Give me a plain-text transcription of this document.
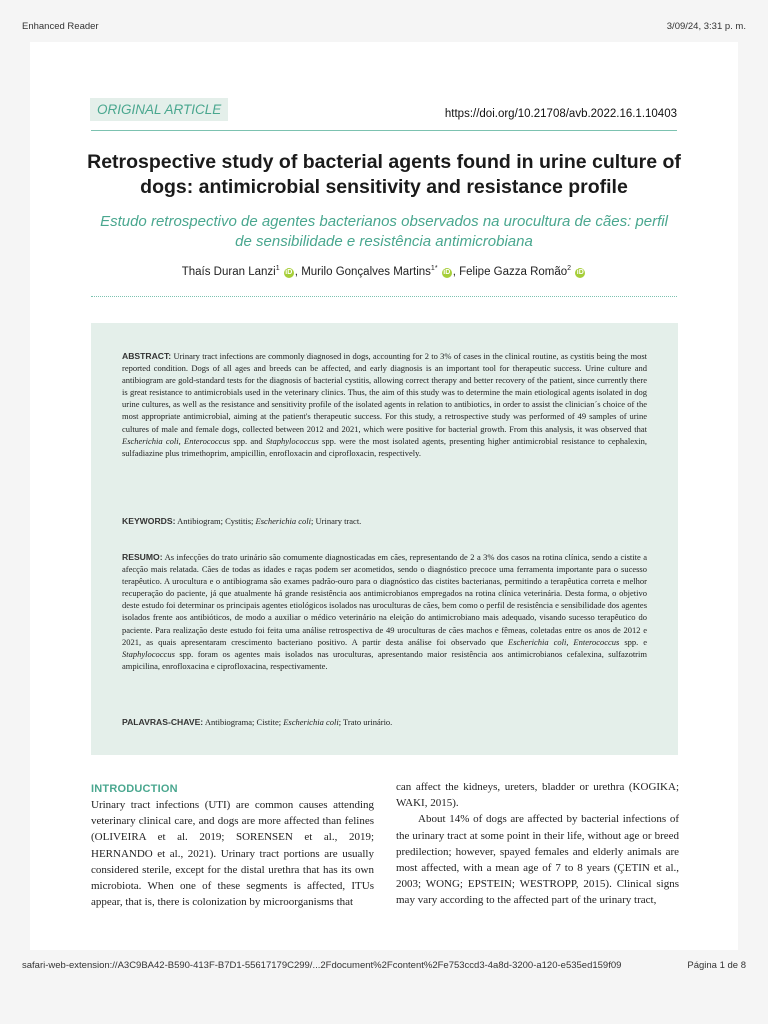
Enhanced Reader	3/09/24, 3:31 p. m.
ORIGINAL ARTICLE	https://doi.org/10.21708/avb.2022.16.1.10403
Retrospective study of bacterial agents found in urine culture of dogs: antimicrobial sensitivity and resistance profile
Estudo retrospectivo de agentes bacterianos observados na urocultura de cães: perfil de sensibilidade e resistência antimicrobiana
Thaís Duran Lanzi$^1$ iD , Murilo Gonçalves Martins$^{1*}$ iD , Felipe Gazza Romão$^2$ iD
ABSTRACT: Urinary tract infections are commonly diagnosed in dogs, accounting for 2 to 3% of cases in the clinical routine, as cystitis being the most reported condition. Dogs of all ages and breeds can be affected, and early diagnosis is an important tool for therapeutic success. Urine culture and antibiogram are gold-standard tests for the diagnosis of bacterial cystitis, allowing correct therapy and better recovery of the patient, since currently there is great resistance to antimicrobials used in the veterinary clinics. Thus, the aim of this study was to determine the main etiological agents isolated in dog urine cultures, as well as the resistance and sensitivity profile of the isolated agents in relation to antibiotics, in order to assist the clinician´s choice of the most appropriate antimicrobial, aiming at the patient's therapeutic success. For this study, a retrospective study was performed of 49 samples of urine cultures of male and female dogs, collected between 2012 and 2021, which were positive for bacterial growth. From this analysis, it was observed that Escherichia coli, Enterococcus spp. and Staphylococcus spp. were the most isolated agents, presenting higher antimicrobial resistance to cephalexin, sulfadiazine plus trimethoprim, ampicillin, enrofloxacin and ciprofloxacin, respectively.
KEYWORDS: Antibiogram; Cystitis; Escherichia coli; Urinary tract.
RESUMO: As infecções do trato urinário são comumente diagnosticadas em cães, representando de 2 a 3% dos casos na rotina clínica, sendo a cistite a afecção mais relatada. Cães de todas as idades e raças podem ser acometidos, sendo o diagnóstico precoce uma ferramenta importante para o sucesso terapêutico. A urocultura e o antibiograma são exames padrão-ouro para o diagnóstico das cistites bacterianas, permitindo a terapêutica correta e melhor recuperação do paciente, já que atualmente há grande resistência aos antimicrobianos empregados na rotina clínica veterinária. Desta forma, o objetivo deste estudo foi determinar os principais agentes etiológicos isolados nas uroculturas de cães, bem como o perfil de resistência e sensibilidade dos agentes isolados frente aos antibióticos, de modo a auxiliar o médico veterinário na eleição do antimicrobiano mais adequado, visando sucesso terapêutico do paciente. Para realização deste estudo foi feita uma análise retrospectiva de 49 uroculturas de cães machos e fêmeas, coletadas entre os anos de 2012 e 2021, as quais apresentaram crescimento bacteriano positivo. A partir desta análise foi observado que Escherichia coli, Enterococcus spp. e Staphylococcus spp. foram os agentes mais isolados nas uroculturas, apresentando maior resistência aos antimicrobianos cefalexina, sulfazotrim ampicilina, enrofloxacina e ciprofloxacina, respectivamente.
PALAVRAS-CHAVE: Antibiograma; Cistite; Escherichia coli; Trato urinário.
INTRODUCTION

Urinary tract infections (UTI) are common causes attending veterinary clinical care, and dogs are more affected than felines (OLIVEIRA et al. 2019; SORENSEN et al., 2019; HERNANDO et al., 2021). Urinary tract portions are usually considered sterile, except for the distal urethra that has its own microbiota. When one of these segments is affected, ITUs appear, that is, there is colonization by microorganisms that

can affect the kidneys, ureters, bladder or urethra (KOGIKA; WAKI, 2015).

About 14% of dogs are affected by bacterial infections of the urinary tract at some point in their life, without age or breed predilection; however, spayed females and elderly animals are most affected, with a mean age of 7 to 8 years (ÇETIN et al., 2003; WONG; EPSTEIN; WESTROPP, 2015). Clinical signs may vary according to the affected part of the urinary tract,

safari-web-extension://A3C9BA42-B590-413F-B7D1-55617179C299/...2Fdocument%2Fcontent%2Fe753ccd3-4a8d-3200-a120-e535ed159f09	Página 1 de 8
